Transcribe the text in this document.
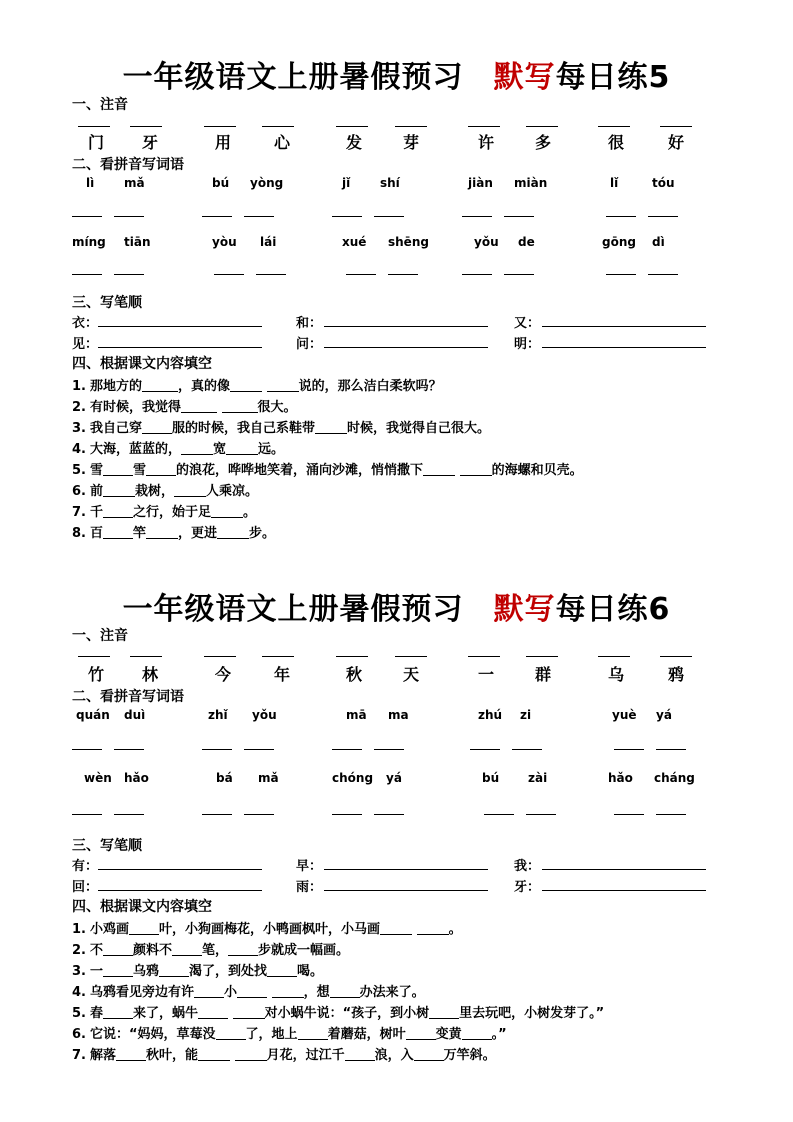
一年级语文上册暑假预习 默写每日练5
一、注音
门	牙	用	心	发	芽	许	多	很	好
二、看拼音写词语
lì mǎ	bú yòng	jǐ shí	jiàn miàn	lǐ	tóu
míng tiān	yòu lái	xué shēng	yǒu de	gōng dì
三、写笔顺
衣：	和：	又：
见：	问：	明：
四、根据课文内容填空
1. 那地方的	，真的像	说的，那么洁白柔软吗？
2. 有时候，我觉得	很大。
3. 我自己穿 服的时候，我自己系鞋带 时候，我觉得自己很大。
4. 大海，蓝蓝的， 宽 远。
5. 雪 雪 的浪花，哗哗地笑着，涌向沙滩，悄悄撒下	的海螺和贝壳。
6. 前 栽树， 人乘凉。
7. 千 之行，始于足 。
8. 百 竿 ，更进 步。
一年级语文上册暑假预习 默写每日练6
一、注音
竹	林	今	年	秋	天	一	群	乌	鸦
二、看拼音写词语
quán duì	zhǐ yǒu	mā ma	zhú zi	yuè yá
wèn hǎo	bá mǎ	chóng yá	bú zài	hǎo cháng
三、写笔顺
有：	早：	我：
回：	雨：	牙：
四、根据课文内容填空
1. 小鸡画 叶，小狗画梅花，小鸭画枫叶，小马画	。
2. 不 颜料不 笔， 步就成一幅画。
3. 一 乌鸦 渴了，到处找 喝。
4. 乌鸦看见旁边有许 小	，想 办法来了。
5. 春 来了，蜗牛	对小蜗牛说：“孩子，到小树 里去玩吧，小树发芽了。”
6. 它说：“妈妈，草莓没 了，地上 着蘑菇，树叶 变黄 。”
7. 解落 秋叶，能	月花，过江千 浪，入 万竿斜。
